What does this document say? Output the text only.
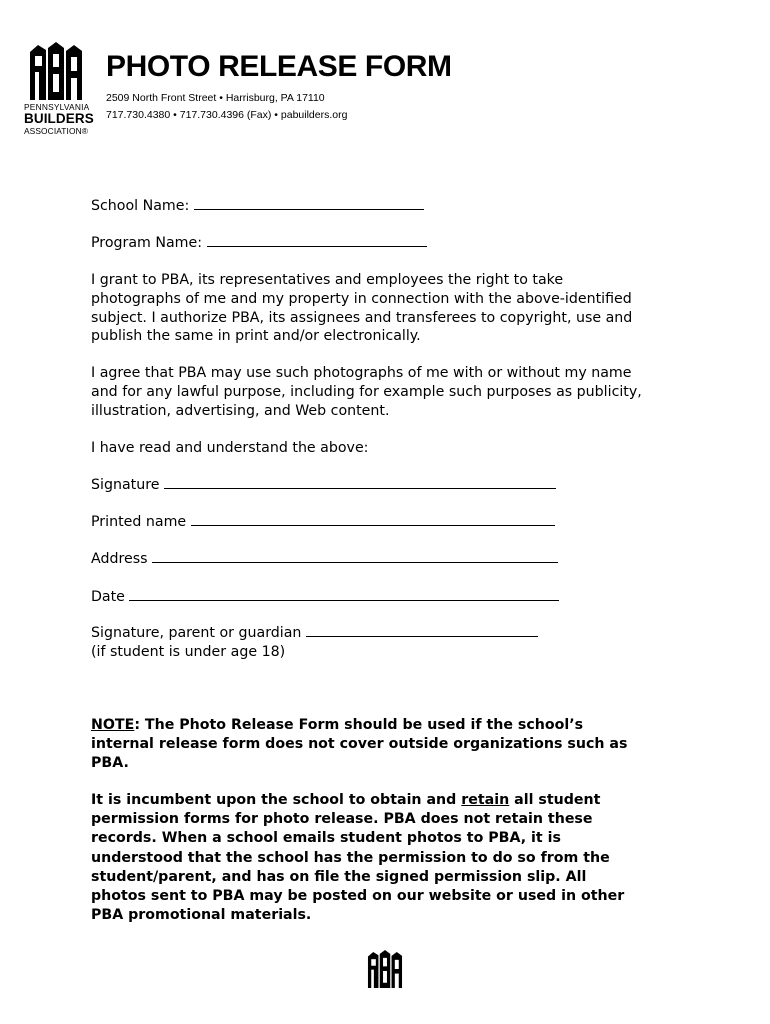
PENNSYLVANIA
BUILDERS
ASSOCIATION®
PHOTO RELEASE FORM
2509 North Front Street • Harrisburg, PA 17110
717.730.4380 • 717.730.4396 (Fax) • pabuilders.org
School Name:
Program Name:
I grant to PBA, its representatives and employees the right to take
photographs of me and my property in connection with the above-identified
subject. I authorize PBA, its assignees and transferees to copyright, use and
publish the same in print and/or electronically.
I agree that PBA may use such photographs of me with or without my name
and for any lawful purpose, including for example such purposes as publicity,
illustration, advertising, and Web content.
I have read and understand the above:
Signature
Printed name
Address
Date
Signature, parent or guardian
(if student is under age 18)
NOTE: The Photo Release Form should be used if the school’s
internal release form does not cover outside organizations such as
PBA.
It is incumbent upon the school to obtain and retain all student
permission forms for photo release. PBA does not retain these
records. When a school emails student photos to PBA, it is
understood that the school has the permission to do so from the
student/parent, and has on file the signed permission slip. All
photos sent to PBA may be posted on our website or used in other
PBA promotional materials.
